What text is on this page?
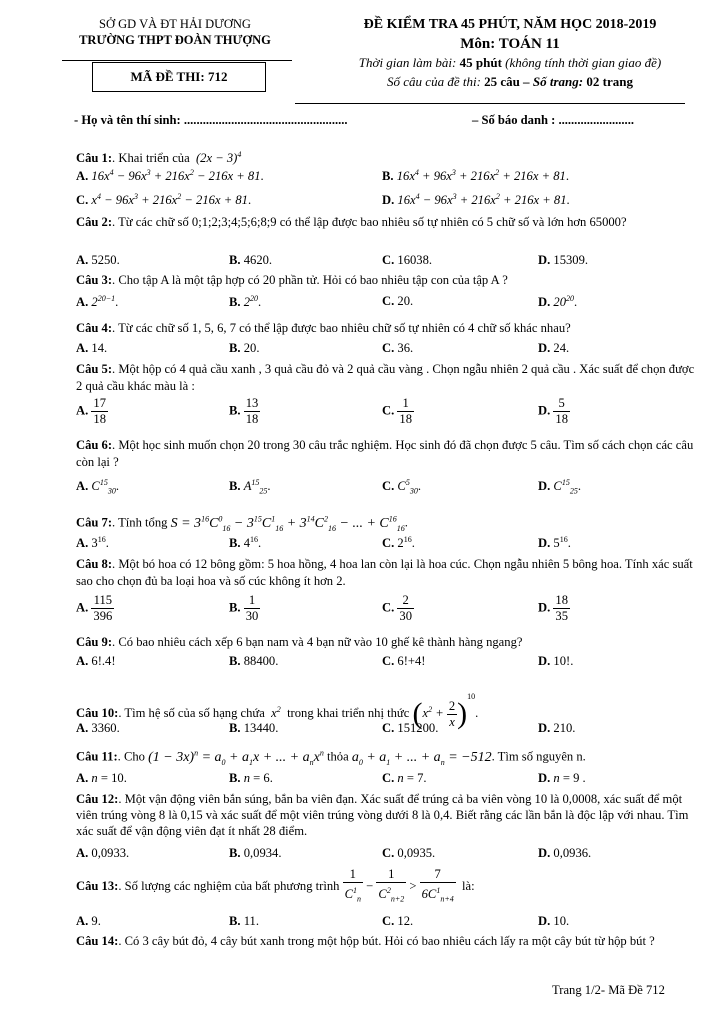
SỞ GD VÀ ĐT HẢI DƯƠNG
TRƯỜNG THPT ĐOÀN THƯỢNG
MÃ ĐỀ THI: 712
ĐỀ KIỂM TRA 45 PHÚT, NĂM HỌC 2018-2019
Môn: TOÁN 11
Thời gian làm bài: 45 phút (không tính thời gian giao đề)
Số câu của đề thi: 25 câu – Số trang: 02 trang
- Họ và tên thí sinh: ....................................................	– Số báo danh : ........................
Câu 1:. Khai triển của  $(2x - 3)^4$
A. $16x^4 - 96x^3 + 216x^2 - 216x + 81$.	B. $16x^4 + 96x^3 + 216x^2 + 216x + 81$.
C. $x^4 - 96x^3 + 216x^2 - 216x + 81$.	D. $16x^4 - 96x^3 + 216x^2 + 216x + 81$.
Câu 2:. Từ các chữ số 0;1;2;3;4;5;6;8;9 có thể lập được bao nhiêu số tự nhiên có 5 chữ số và lớn hơn 65000?
A. 5250.	B. 4620.	C. 16038.	D. 15309.
Câu 3:. Cho tập A là một tập hợp có 20 phần tử. Hỏi có bao nhiêu tập con của tập A ?
A. $2^{20-1}$.	B. $2^{20}$.	C. 20.	D. $20^{20}$.
Câu 4:. Từ các chữ số 1, 5, 6, 7 có thể lập được bao nhiêu chữ số tự nhiên có 4 chữ số khác nhau?
A. 14.	B. 20.	C. 36.	D. 24.
Câu 5:. Một hộp có 4 quả cầu xanh , 3 quả cầu đỏ và 2 quả cầu vàng . Chọn ngẫu nhiên 2 quả cầu . Xác suất để chọn được 2 quả cầu khác màu là :
A. $\frac{17}{18}$	B. $\frac{13}{18}$	C. $\frac{1}{18}$	D. $\frac{5}{18}$
Câu 6:. Một học sinh muốn chọn 20 trong 30 câu trắc nghiệm. Học sinh đó đã chọn được 5 câu. Tìm số cách chọn các câu còn lại ?
A. $C^{15}_{30}$.	B. $A^{15}_{25}$.	C. $C^5_{30}$.	D. $C^{15}_{25}$.
Câu 7:. Tính tổng $S = 3^{16}C^0_{16} - 3^{15}C^1_{16} + 3^{14}C^2_{16}$ − ... + $C^{16}_{16}$.
A. $3^{16}$.	B. $4^{16}$.	C. $2^{16}$.	D. $5^{16}$.
Câu 8:. Một bó hoa có 12 bông gồm: 5 hoa hồng, 4 hoa lan còn lại là hoa cúc. Chọn ngẫu nhiên 5 bông hoa. Tính xác suất sao cho chọn đủ ba loại hoa và số cúc không ít hơn 2.
A. $\frac{115}{396}$	B. $\frac{1}{30}$	C. $\frac{2}{30}$	D. $\frac{18}{35}$
Câu 9:. Có bao nhiêu cách xếp 6 bạn nam và 4 bạn nữ vào 10 ghế kê thành hàng ngang?
A. 6!.4!	B. 88400.	C. 6!+4!	D. 10!.
Câu 10:. Tìm hệ số của số hạng chứa  $x^2$ trong khai triển nhị thức $(x^2 + \frac{2}{x} )^{10}$.
A. 3360.	B. 13440.	C. 151200.	D. 210.
Câu 11:. Cho $(1 - 3x)^n = a_0 + a_1x$ + ... + $a_nx^n$ thỏa $a_0 + a_1$ + ... + $a_n = -512$. Tìm số nguyên n.
A. n = 10.	B. n = 6.	C. n = 7.	D. n = 9 .
Câu 12:. Một vận động viên bắn súng, bắn ba viên đạn. Xác suất để trúng cả ba viên vòng 10 là 0,0008, xác suất để một viên trúng vòng 8 là 0,15 và xác suất để một viên trúng vòng dưới 8 là 0,4. Biết rằng các lần bắn là độc lập với nhau. Tìm xác suất để vận động viên đạt ít nhất 28 điểm.
A. 0,0933.	B. 0,0934.	C. 0,0935.	D. 0,0936.
Câu 13:. Số lượng các nghiệm của bất phương trình $\frac{1}{C^1_n} - \frac{1}{C^2_{n+2}} > \frac{7}{6C^1_{n+4}}$ là:
A. 9.	B. 11.	C. 12.	D. 10.
Câu 14:. Có 3 cây bút đỏ, 4 cây bút xanh trong một hộp bút. Hỏi có bao nhiêu cách lấy ra một cây bút từ hộp bút ?
Trang 1/2- Mã Đề 712
